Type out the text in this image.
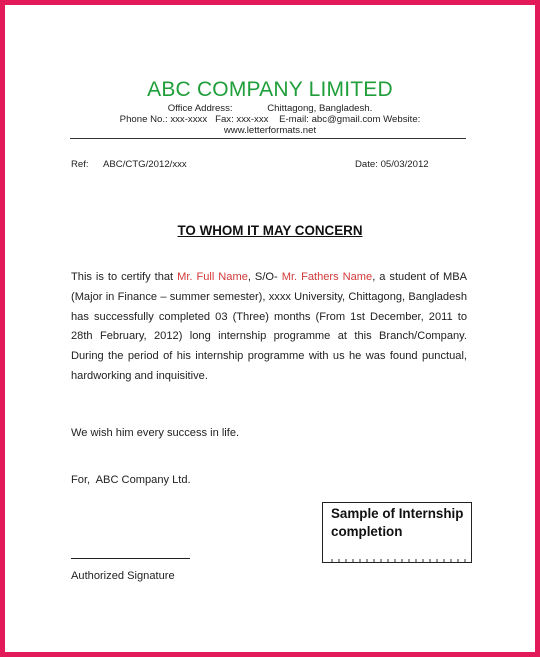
ABC COMPANY LIMITED
Office Address:             Chittagong, Bangladesh.
Phone No.: xxx-xxxx   Fax: xxx-xxx    E-mail: abc@gmail.com Website:
www.letterformats.net
Ref: ABC/CTG/2012/xxx	Date: 05/03/2012
TO WHOM IT MAY CONCERN
This is to certify that Mr. Full Name, S/O- Mr. Fathers Name, a student of MBA (Major in Finance – summer semester), xxxx University, Chittagong, Bangladesh has successfully completed 03 (Three) months (From 1st December, 2011 to 28th February, 2012) long internship programme at this Branch/Company. During the period of his internship programme with us he was found punctual, hardworking and inquisitive.
We wish him every success in life.
For,  ABC Company Ltd.
Sample of Internship completion
Authorized Signature
